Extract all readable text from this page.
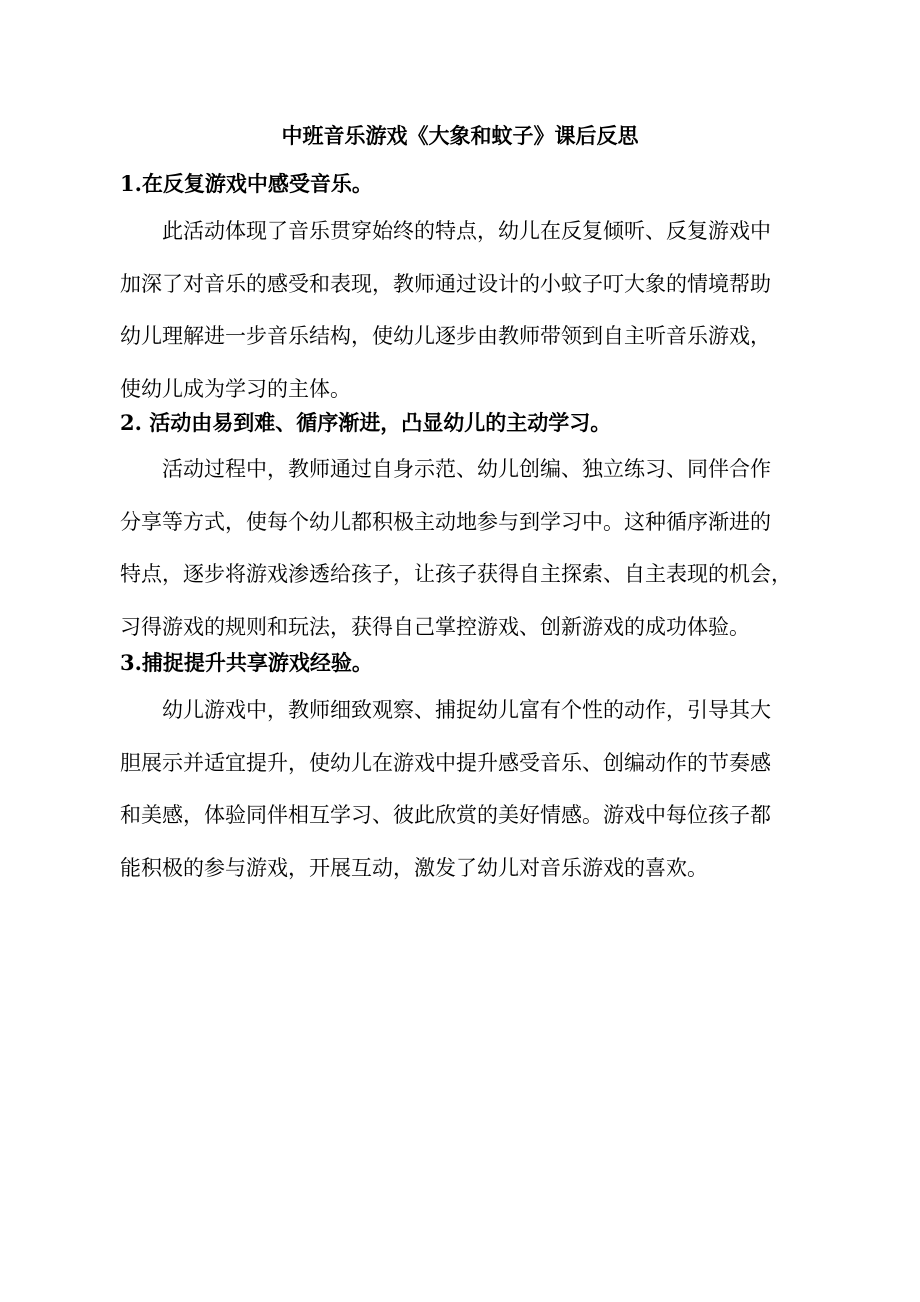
中班音乐游戏《大象和蚊子》课后反思
1.在反复游戏中感受音乐。
此活动体现了音乐贯穿始终的特点，幼儿在反复倾听、反复游戏中
加深了对音乐的感受和表现，教师通过设计的小蚊子叮大象的情境帮助
幼儿理解进一步音乐结构，使幼儿逐步由教师带领到自主听音乐游戏，
使幼儿成为学习的主体。
2. 活动由易到难、循序渐进，凸显幼儿的主动学习。
活动过程中，教师通过自身示范、幼儿创编、独立练习、同伴合作
分享等方式，使每个幼儿都积极主动地参与到学习中。这种循序渐进的
特点，逐步将游戏渗透给孩子，让孩子获得自主探索、自主表现的机会，
习得游戏的规则和玩法，获得自己掌控游戏、创新游戏的成功体验。
3.捕捉提升共享游戏经验。
幼儿游戏中，教师细致观察、捕捉幼儿富有个性的动作，引导其大
胆展示并适宜提升，使幼儿在游戏中提升感受音乐、创编动作的节奏感
和美感，体验同伴相互学习、彼此欣赏的美好情感。游戏中每位孩子都
能积极的参与游戏，开展互动，激发了幼儿对音乐游戏的喜欢。
